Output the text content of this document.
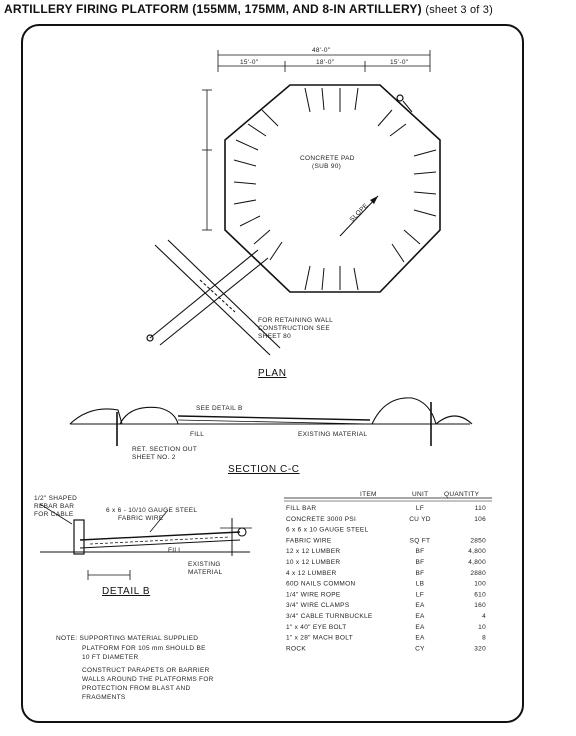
ARTILLERY FIRING PLATFORM (155MM, 175MM, AND 8-IN ARTILLERY) (sheet 3 of 3)
48'-0"
15'-0"	18'-0"	15'-0"
CONCRETE PAD
(SUB 90)
SLOPE
FOR RETAINING WALL
CONSTRUCTION SEE
SHEET 80
PLAN
SEE DETAIL B
FILL	EXISTING MATERIAL
RET. SECTION OUT
SHEET NO. 2
SECTION C-C
1/2" SHAPED
REBAR BAR
FOR CABLE
6 x 6 - 10/10 GAUGE STEEL
FABRIC WIRE
FILL
EXISTING
MATERIAL
DETAIL B
ITEM	UNIT QUANTITY
FILL BAR	LF	110
CONCRETE 3000 PSI	CU YD	106
6 x 6 x 10 GAUGE STEEL
FABRIC WIRE	SQ FT	2850
12 x 12 LUMBER	BF	4,800
10 x 12 LUMBER	BF	4,800
4 x 12 LUMBER	BF	2880
60D NAILS COMMON	LB	100
1/4" WIRE ROPE	LF	610
3/4" WIRE CLAMPS	EA	160
3/4" CABLE TURNBUCKLE	EA	4
1" x 40" EYE BOLT	EA	10
1" x 28" MACH BOLT	EA	8
ROCK	CY	320
NOTE: SUPPORTING MATERIAL SUPPLIED
PLATFORM FOR 105 mm SHOULD BE
10 FT DIAMETER
CONSTRUCT PARAPETS OR BARRIER
WALLS AROUND THE PLATFORMS FOR
PROTECTION FROM BLAST AND
FRAGMENTS
